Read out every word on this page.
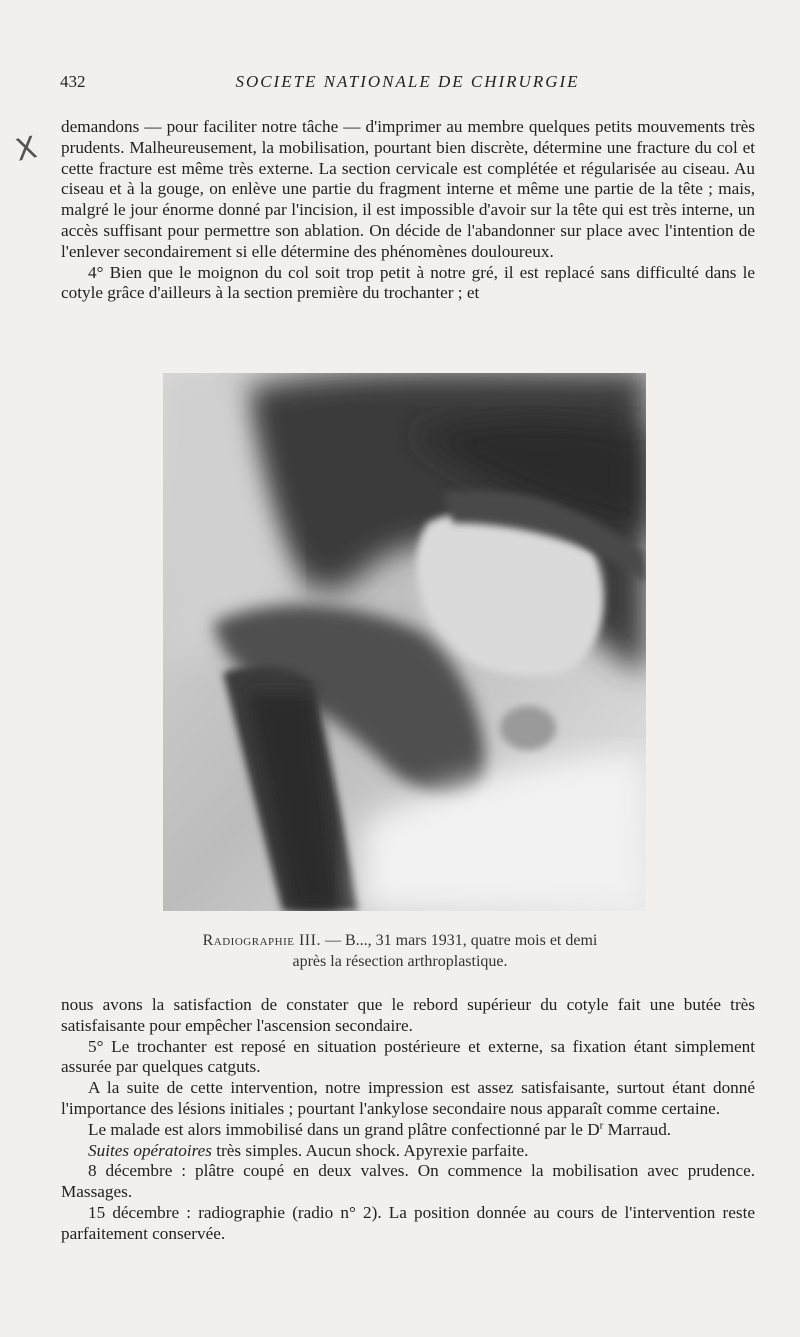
432	SOCIETE NATIONALE DE CHIRURGIE
X

demandons — pour faciliter notre tâche — d'imprimer au membre quelques petits mouvements très prudents. Malheureusement, la mobilisation, pourtant bien discrète, détermine une fracture du col et cette fracture est même très externe. La section cervicale est complétée et régularisée au ciseau. Au ciseau et à la gouge, on enlève une partie du fragment interne et même une partie de la tête ; mais, malgré le jour énorme donné par l'incision, il est impossible d'avoir sur la tête qui est très interne, un accès suffisant pour permettre son ablation. On décide de l'abandonner sur place avec l'intention de l'enlever secondairement si elle détermine des phénomènes douloureux.

4° Bien que le moignon du col soit trop petit à notre gré, il est replacé sans difficulté dans le cotyle grâce d'ailleurs à la section première du trochanter ; et

Radiographie III. — B..., 31 mars 1931, quatre mois et demi
après la résection arthroplastique.

nous avons la satisfaction de constater que le rebord supérieur du cotyle fait une butée très satisfaisante pour empêcher l'ascension secondaire.

5° Le trochanter est reposé en situation postérieure et externe, sa fixation étant simplement assurée par quelques catguts.

A la suite de cette intervention, notre impression est assez satisfaisante, surtout étant donné l'importance des lésions initiales ; pourtant l'ankylose secondaire nous apparaît comme certaine.

Le malade est alors immobilisé dans un grand plâtre confectionné par le $D^r$ Marraud.

Suites opératoires très simples. Aucun shock. Apyrexie parfaite.

8 décembre : plâtre coupé en deux valves. On commence la mobilisation avec prudence. Massages.

15 décembre : radiographie (radio n° 2). La position donnée au cours de l'intervention reste parfaitement conservée.
